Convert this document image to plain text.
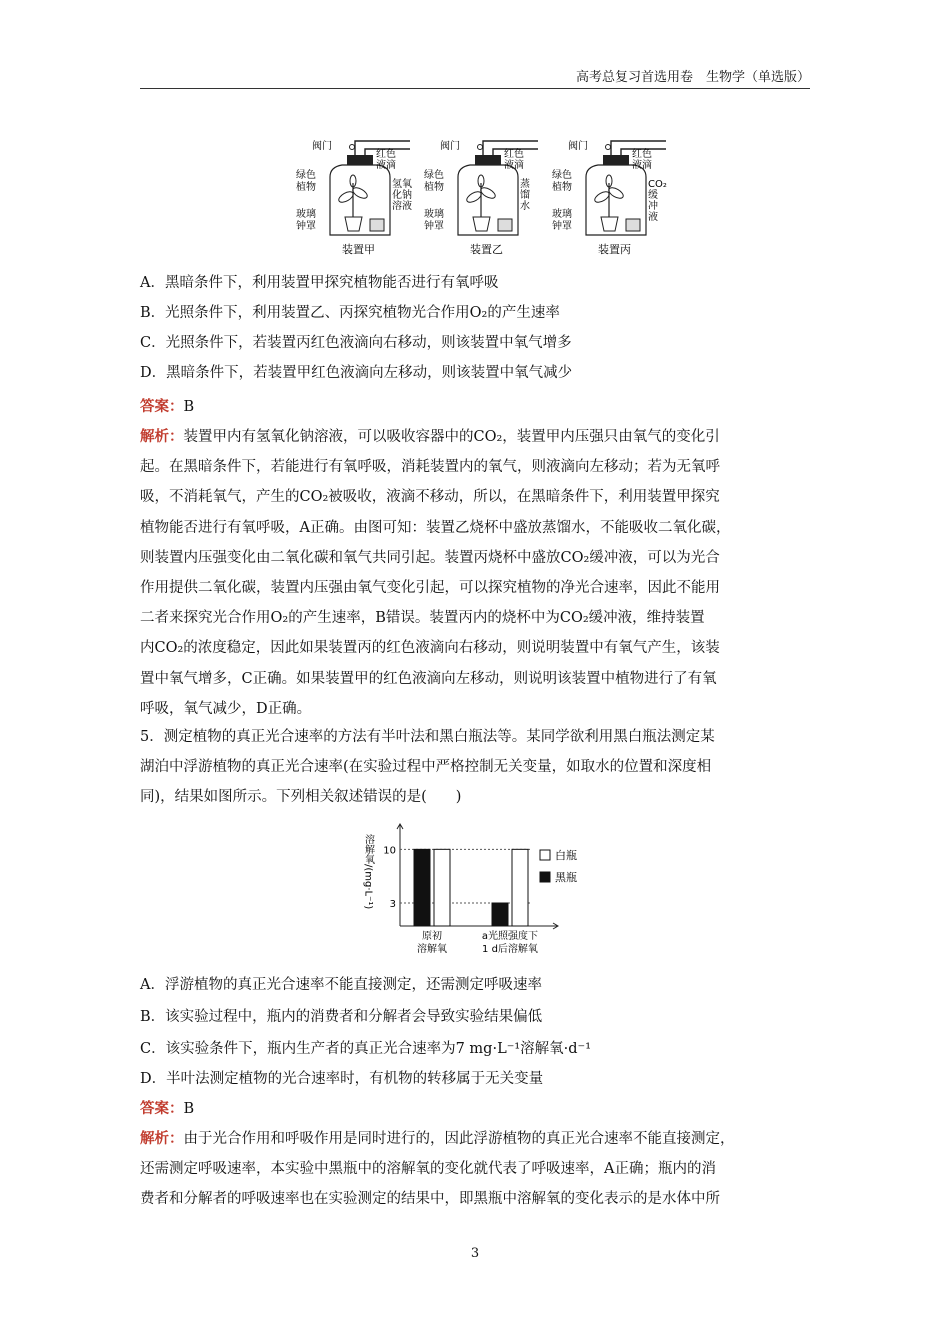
高考总复习首选用卷　生物学（单选版）
阀门
红色
液滴
绿色
植物
玻璃
钟罩
氢氧
化钠
溶液
装置甲
阀门
红色
液滴
绿色
植物
玻璃
钟罩
蒸
馏
水
装置乙
阀门
红色
液滴
绿色
植物
玻璃
钟罩
CO₂
缓
冲
液
装置丙
A．黑暗条件下，利用装置甲探究植物能否进行有氧呼吸
B．光照条件下，利用装置乙、丙探究植物光合作用O₂的产生速率
C．光照条件下，若装置丙红色液滴向右移动，则该装置中氧气增多
D．黑暗条件下，若装置甲红色液滴向左移动，则该装置中氧气减少
答案：B
解析：装置甲内有氢氧化钠溶液，可以吸收容器中的CO₂，装置甲内压强只由氧气的变化引
起。在黑暗条件下，若能进行有氧呼吸，消耗装置内的氧气，则液滴向左移动；若为无氧呼
吸，不消耗氧气，产生的CO₂被吸收，液滴不移动，所以，在黑暗条件下，利用装置甲探究
植物能否进行有氧呼吸，A正确。由图可知：装置乙烧杯中盛放蒸馏水，不能吸收二氧化碳，
则装置内压强变化由二氧化碳和氧气共同引起。装置丙烧杯中盛放CO₂缓冲液，可以为光合
作用提供二氧化碳，装置内压强由氧气变化引起，可以探究植物的净光合速率，因此不能用
二者来探究光合作用O₂的产生速率，B错误。装置丙内的烧杯中为CO₂缓冲液，维持装置
内CO₂的浓度稳定，因此如果装置丙的红色液滴向右移动，则说明装置中有氧气产生，该装
置中氧气增多，C正确。如果装置甲的红色液滴向左移动，则说明该装置中植物进行了有氧
呼吸，氧气减少，D正确。
5．测定植物的真正光合速率的方法有半叶法和黑白瓶法等。某同学欲利用黑白瓶法测定某
湖泊中浮游植物的真正光合速率(在实验过程中严格控制无关变量，如取水的位置和深度相
同)，结果如图所示。下列相关叙述错误的是(　　)
溶解氧/(mg·L⁻¹) 3
10
原初
溶解氧
a光照强度下
1 d后溶解氧
白瓶
黑瓶
A．浮游植物的真正光合速率不能直接测定，还需测定呼吸速率
B．该实验过程中，瓶内的消费者和分解者会导致实验结果偏低
C．该实验条件下，瓶内生产者的真正光合速率为7 mg·L⁻¹溶解氧·d⁻¹
D．半叶法测定植物的光合速率时，有机物的转移属于无关变量
答案：B
解析：由于光合作用和呼吸作用是同时进行的，因此浮游植物的真正光合速率不能直接测定，
还需测定呼吸速率，本实验中黑瓶中的溶解氧的变化就代表了呼吸速率，A正确；瓶内的消
费者和分解者的呼吸速率也在实验测定的结果中，即黑瓶中溶解氧的变化表示的是水体中所
3
